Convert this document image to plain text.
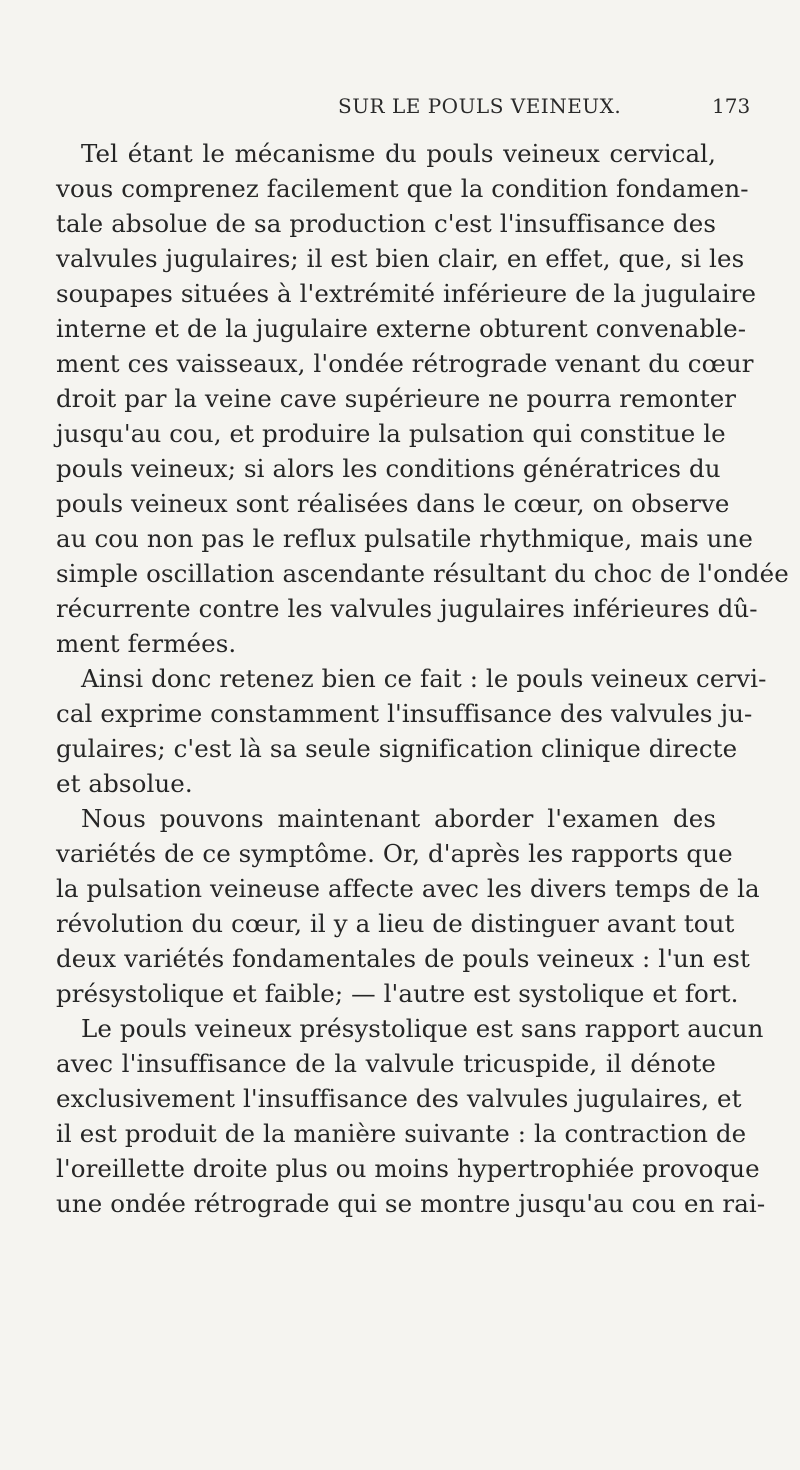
SUR LE POULS VEINEUX.	173
Tel étant le mécanisme du pouls veineux cervical,
vous comprenez facilement que la condition fondamen-
tale absolue de sa production c'est l'insuffisance des
valvules jugulaires; il est bien clair, en effet, que, si les
soupapes situées à l'extrémité inférieure de la jugulaire
interne et de la jugulaire externe obturent convenable-
ment ces vaisseaux, l'ondée rétrograde venant du cœur
droit par la veine cave supérieure ne pourra remonter
jusqu'au cou, et produire la pulsation qui constitue le
pouls veineux; si alors les conditions génératrices du
pouls veineux sont réalisées dans le cœur, on observe
au cou non pas le reflux pulsatile rhythmique, mais une
simple oscillation ascendante résultant du choc de l'ondée
récurrente contre les valvules jugulaires inférieures dû-
ment fermées.
Ainsi donc retenez bien ce fait : le pouls veineux cervi-
cal exprime constamment l'insuffisance des valvules ju-
gulaires; c'est là sa seule signification clinique directe
et absolue.
Nous pouvons maintenant aborder l'examen des
variétés de ce symptôme. Or, d'après les rapports que
la pulsation veineuse affecte avec les divers temps de la
révolution du cœur, il y a lieu de distinguer avant tout
deux variétés fondamentales de pouls veineux : l'un est
présystolique et faible; — l'autre est systolique et fort.
Le pouls veineux présystolique est sans rapport aucun
avec l'insuffisance de la valvule tricuspide, il dénote
exclusivement l'insuffisance des valvules jugulaires, et
il est produit de la manière suivante : la contraction de
l'oreillette droite plus ou moins hypertrophiée provoque
une ondée rétrograde qui se montre jusqu'au cou en rai-
